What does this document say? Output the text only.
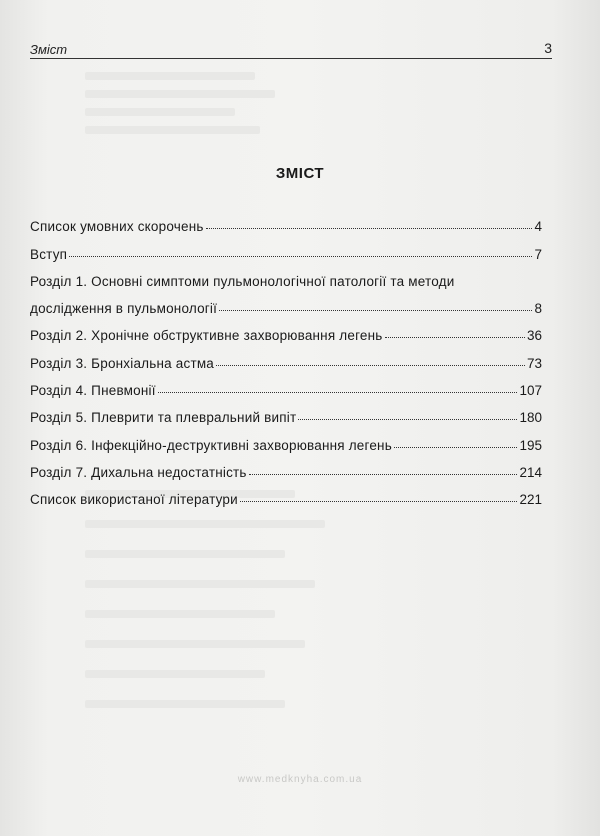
Зміст	3
ЗМІСТ
Список умовних скорочень	4
Вступ	7
Розділ 1. Основні симптоми пульмонологічної патології та методи
дослідження в пульмонології	8
Розділ 2. Хронічне обструктивне захворювання легень	36
Розділ 3. Бронхіальна астма	73
Розділ 4. Пневмонії	107
Розділ 5. Плеврити та плевральний випіт	180
Розділ 6. Інфекційно-деструктивні захворювання легень	195
Розділ 7. Дихальна недостатність	214
Список використаної літератури	221
www.medknyha.com.ua
